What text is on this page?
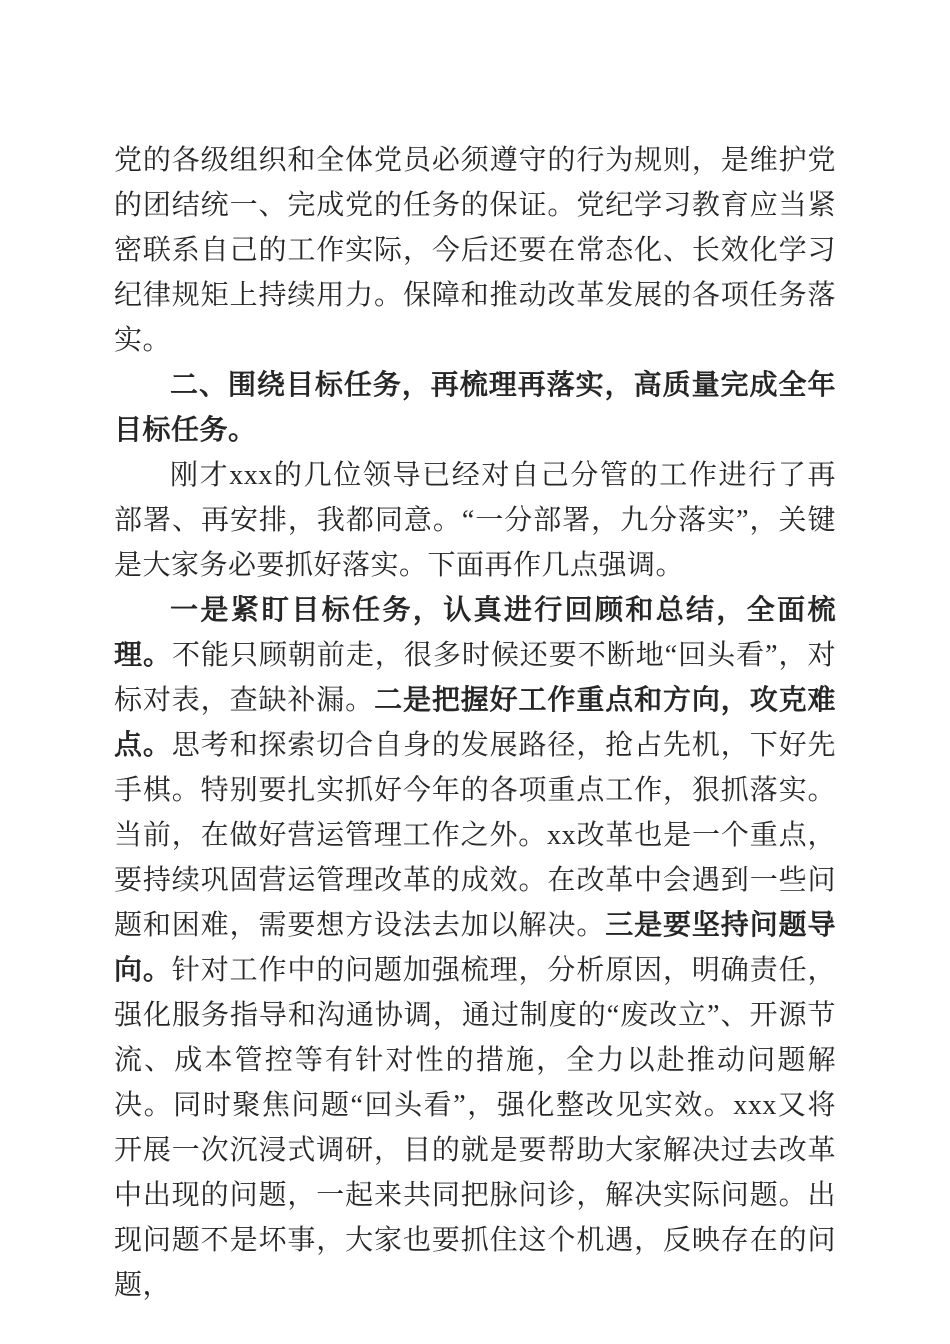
党的各级组织和全体党员必须遵守的行为规则，是维护党的团结统一、完成党的任务的保证。党纪学习教育应当紧密联系自己的工作实际，今后还要在常态化、长效化学习纪律规矩上持续用力。保障和推动改革发展的各项任务落实。

二、围绕目标任务，再梳理再落实，高质量完成全年目标任务。

刚才xxx的几位领导已经对自己分管的工作进行了再部署、再安排，我都同意。“一分部署，九分落实”，关键是大家务必要抓好落实。下面再作几点强调。

一是紧盯目标任务，认真进行回顾和总结，全面梳理。不能只顾朝前走，很多时候还要不断地“回头看”，对标对表，查缺补漏。二是把握好工作重点和方向，攻克难点。思考和探索切合自身的发展路径，抢占先机，下好先手棋。特别要扎实抓好今年的各项重点工作，狠抓落实。当前，在做好营运管理工作之外。xx改革也是一个重点，要持续巩固营运管理改革的成效。在改革中会遇到一些问题和困难，需要想方设法去加以解决。三是要坚持问题导向。针对工作中的问题加强梳理，分析原因，明确责任，强化服务指导和沟通协调，通过制度的“废改立”、开源节流、成本管控等有针对性的措施，全力以赴推动问题解决。同时聚焦问题“回头看”，强化整改见实效。xxx又将开展一次沉浸式调研，目的就是要帮助大家解决过去改革中出现的问题，一起来共同把脉问诊，解决实际问题。出现问题不是坏事，大家也要抓住这个机遇，反映存在的问题，
